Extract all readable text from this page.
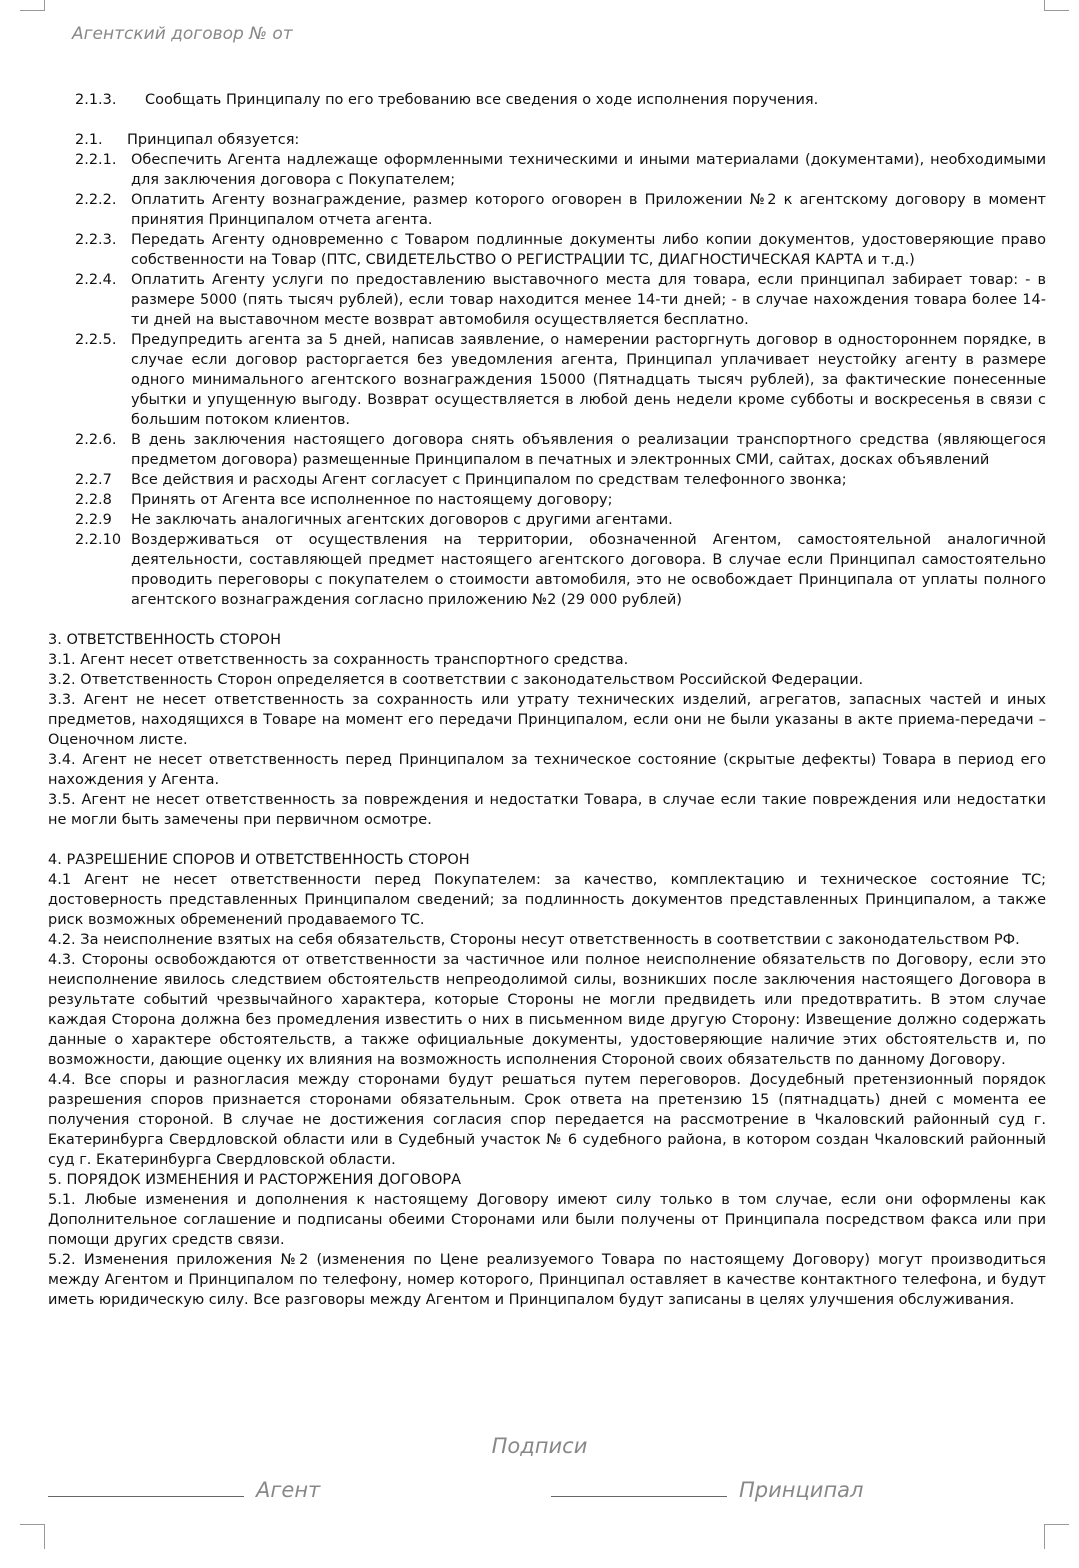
Агентский договор № от
2.1.3.	Сообщать Принципалу по его требованию все сведения о ходе исполнения поручения.
2.1. Принципал обязуется:
2.2.1. Обеспечить Агента надлежаще оформленными техническими и иными материалами (документами), необходимыми для заключения договора с Покупателем;
2.2.2. Оплатить Агенту вознаграждение, размер которого оговорен в Приложении №2 к агентскому договору в момент принятия Принципалом отчета агента.
2.2.3. Передать Агенту одновременно с Товаром подлинные документы либо копии документов, удостоверяющие право собственности на Товар (ПТС, СВИДЕТЕЛЬСТВО О РЕГИСТРАЦИИ ТС, ДИАГНОСТИЧЕСКАЯ КАРТА и т.д.)
2.2.4. Оплатить Агенту услуги по предоставлению выставочного места для товара, если принципал забирает товар: - в размере 5000 (пять тысяч рублей), если товар находится менее 14-ти дней; - в случае нахождения товара более 14-ти дней на выставочном месте возврат автомобиля осуществляется бесплатно.
2.2.5. Предупредить агента за 5 дней, написав заявление, о намерении расторгнуть договор в одностороннем порядке, в случае если договор расторгается без уведомления агента, Принципал уплачивает неустойку агенту в размере одного минимального агентского вознаграждения 15000 (Пятнадцать тысяч рублей), за фактические понесенные убытки и упущенную выгоду. Возврат осуществляется в любой день недели кроме субботы и воскресенья в связи с большим потоком клиентов.
2.2.6. В день заключения настоящего договора снять объявления о реализации транспортного средства (являющегося предметом договора) размещенные Принципалом в печатных и электронных СМИ, сайтах, досках объявлений
2.2.7	Все действия и расходы Агент согласует с Принципалом по средствам телефонного звонка;
2.2.8	Принять от Агента все исполненное по настоящему договору;
2.2.9	Не заключать аналогичных агентских договоров с другими агентами.
2.2.10 Воздерживаться от осуществления на территории, обозначенной Агентом, самостоятельной аналогичной деятельности, составляющей предмет настоящего агентского договора. В случае если Принципал самостоятельно проводить переговоры с покупателем о стоимости автомобиля, это не освобождает Принципала от уплаты полного агентского вознаграждения согласно приложению №2 (29 000 рублей)
3. ОТВЕТСТВЕННОСТЬ СТОРОН
3.1. Агент несет ответственность за сохранность транспортного средства.
3.2. Ответственность Сторон определяется в соответствии с законодательством Российской Федерации.
3.3. Агент не несет ответственность за сохранность или утрату технических изделий, агрегатов, запасных частей и иных предметов, находящихся в Товаре на момент его передачи Принципалом, если они не были указаны в акте приема-передачи – Оценочном листе.
3.4. Агент не несет ответственность перед Принципалом за техническое состояние (скрытые дефекты) Товара в период его нахождения у Агента.
3.5. Агент не несет ответственность за повреждения и недостатки Товара, в случае если такие повреждения или недостатки не могли быть замечены при первичном осмотре.
4. РАЗРЕШЕНИЕ СПОРОВ И ОТВЕТСТВЕННОСТЬ СТОРОН
4.1 Агент не несет ответственности перед Покупателем: за качество, комплектацию и техническое состояние ТС; достоверность представленных Принципалом сведений; за подлинность документов представленных Принципалом, а также риск возможных обременений продаваемого ТС.
4.2. За неисполнение взятых на себя обязательств, Стороны несут ответственность в соответствии с законодательством РФ.
4.3. Стороны освобождаются от ответственности за частичное или полное неисполнение обязательств по Договору, если это неисполнение явилось следствием обстоятельств непреодолимой силы, возникших после заключения настоящего Договора в результате событий чрезвычайного характера, которые Стороны не могли предвидеть или предотвратить. В этом случае каждая Сторона должна без промедления известить о них в письменном виде другую Сторону: Извещение должно содержать данные о характере обстоятельств, а также официальные документы, удостоверяющие наличие этих обстоятельств и, по возможности, дающие оценку их влияния на возможность исполнения Стороной своих обязательств по данному Договору.
4.4. Все споры и разногласия между сторонами будут решаться путем переговоров. Досудебный претензионный порядок разрешения споров признается сторонами обязательным. Срок ответа на претензию 15 (пятнадцать) дней с момента ее получения стороной. В случае не достижения согласия спор передается на рассмотрение в Чкаловский районный суд г. Екатеринбурга Свердловской области или в Судебный участок № 6 судебного района, в котором создан Чкаловский районный суд г. Екатеринбурга Свердловской области.
5. ПОРЯДОК ИЗМЕНЕНИЯ И РАСТОРЖЕНИЯ ДОГОВОРА
5.1. Любые изменения и дополнения к настоящему Договору имеют силу только в том случае, если они оформлены как Дополнительное соглашение и подписаны обеими Сторонами или были получены от Принципала посредством факса или при помощи других средств связи.
5.2. Изменения приложения №2 (изменения по Цене реализуемого Товара по настоящему Договору) могут производиться между Агентом и Принципалом по телефону, номер которого, Принципал оставляет в качестве контактного телефона, и будут иметь юридическую силу. Все разговоры между Агентом и Принципалом будут записаны в целях улучшения обслуживания.
Подписи
Агент	Принципал
